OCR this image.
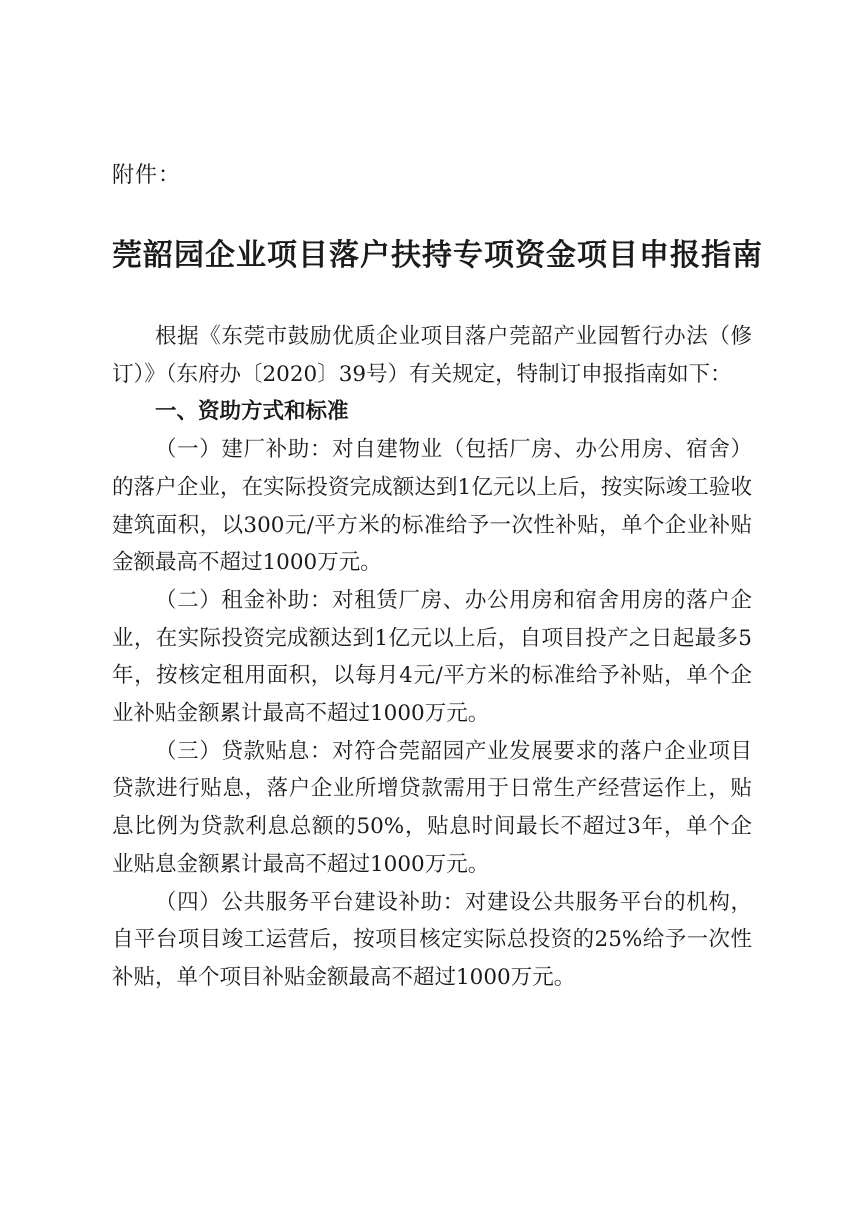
附件：
莞韶园企业项目落户扶持专项资金项目申报指南

根据《东莞市鼓励优质企业项目落户莞韶产业园暂行办法（修订）》（东府办〔2020〕39号）有关规定，特制订申报指南如下：

一、资助方式和标准

（一）建厂补助：对自建物业（包括厂房、办公用房、宿舍）的落户企业，在实际投资完成额达到1亿元以上后，按实际竣工验收建筑面积，以300元/平方米的标准给予一次性补贴，单个企业补贴金额最高不超过1000万元。

（二）租金补助：对租赁厂房、办公用房和宿舍用房的落户企业，在实际投资完成额达到1亿元以上后，自项目投产之日起最多5年，按核定租用面积，以每月4元/平方米的标准给予补贴，单个企业补贴金额累计最高不超过1000万元。

（三）贷款贴息：对符合莞韶园产业发展要求的落户企业项目贷款进行贴息，落户企业所增贷款需用于日常生产经营运作上，贴息比例为贷款利息总额的50%，贴息时间最长不超过3年，单个企业贴息金额累计最高不超过1000万元。

（四）公共服务平台建设补助：对建设公共服务平台的机构，自平台项目竣工运营后，按项目核定实际总投资的25%给予一次性补贴，单个项目补贴金额最高不超过1000万元。
